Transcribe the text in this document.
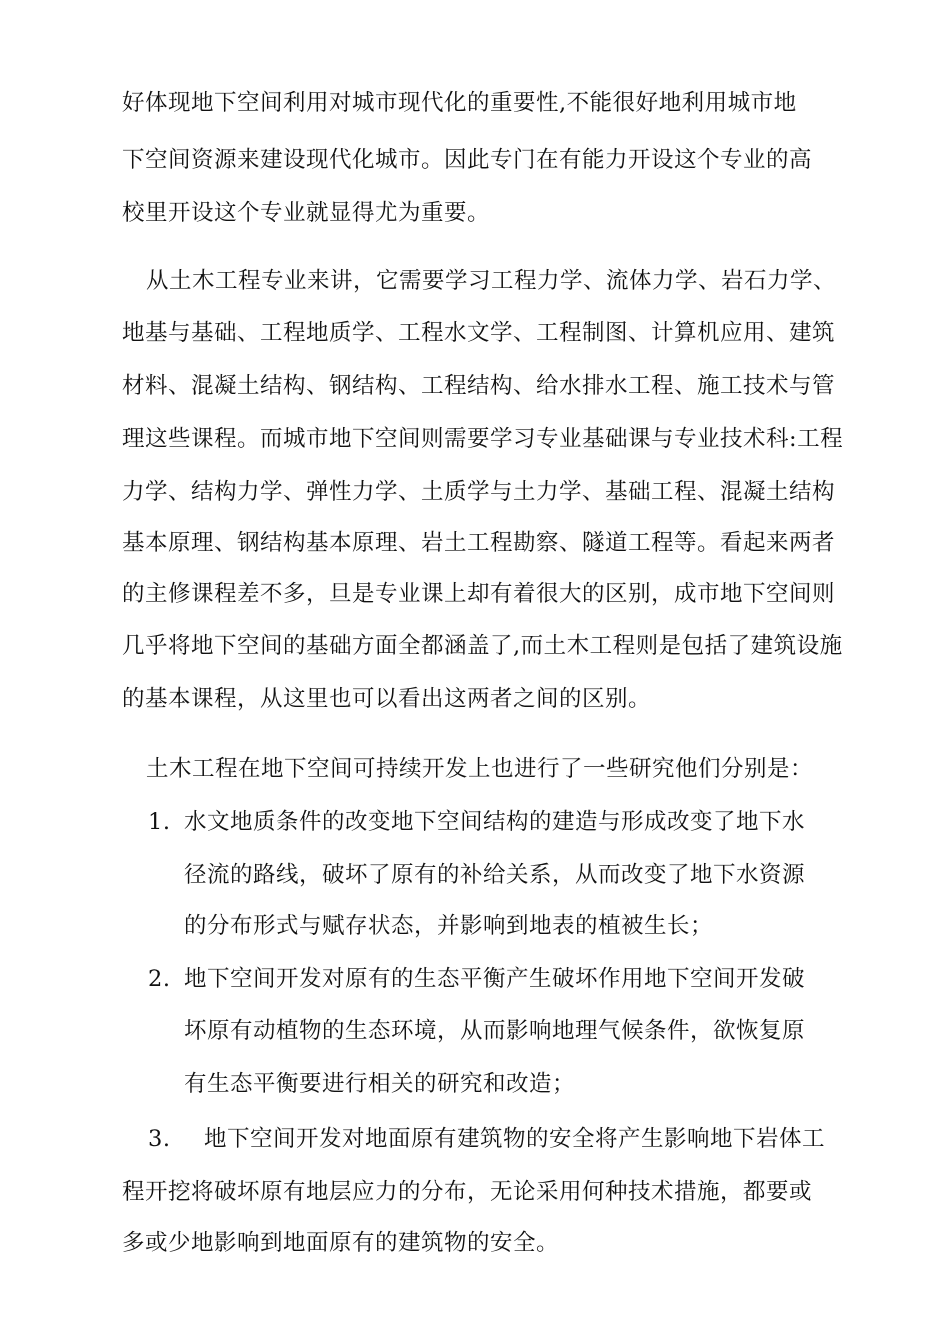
好体现地下空间利用对城市现代化的重要性,不能很好地利用城市地
下空间资源来建设现代化城市。因此专门在有能力开设这个专业的高
校里开设这个专业就显得尤为重要。
从土木工程专业来讲，它需要学习工程力学、流体力学、岩石力学、
地基与基础、工程地质学、工程水文学、工程制图、计算机应用、建筑
材料、混凝土结构、钢结构、工程结构、给水排水工程、施工技术与管
理这些课程。而城市地下空间则需要学习专业基础课与专业技术科:工程
力学、结构力学、弹性力学、土质学与土力学、基础工程、混凝土结构
基本原理、钢结构基本原理、岩土工程勘察、隧道工程等。看起来两者
的主修课程差不多，旦是专业课上却有着很大的区别，成市地下空间则
几乎将地下空间的基础方面全都涵盖了,而土木工程则是包括了建筑设施
的基本课程，从这里也可以看出这两者之间的区别。
土木工程在地下空间可持续开发上也进行了一些研究他们分别是：
1. 水文地质条件的改变地下空间结构的建造与形成改变了地下水
径流的路线，破坏了原有的补给关系，从而改变了地下水资源
的分布形式与赋存状态，并影响到地表的植被生长；
2. 地下空间开发对原有的生态平衡产生破坏作用地下空间开发破
坏原有动植物的生态环境，从而影响地理气候条件，欲恢复原
有生态平衡要进行相关的研究和改造；
3. 地下空间开发对地面原有建筑物的安全将产生影响地下岩体工
程开挖将破坏原有地层应力的分布，无论采用何种技术措施，都要或
多或少地影响到地面原有的建筑物的安全。
